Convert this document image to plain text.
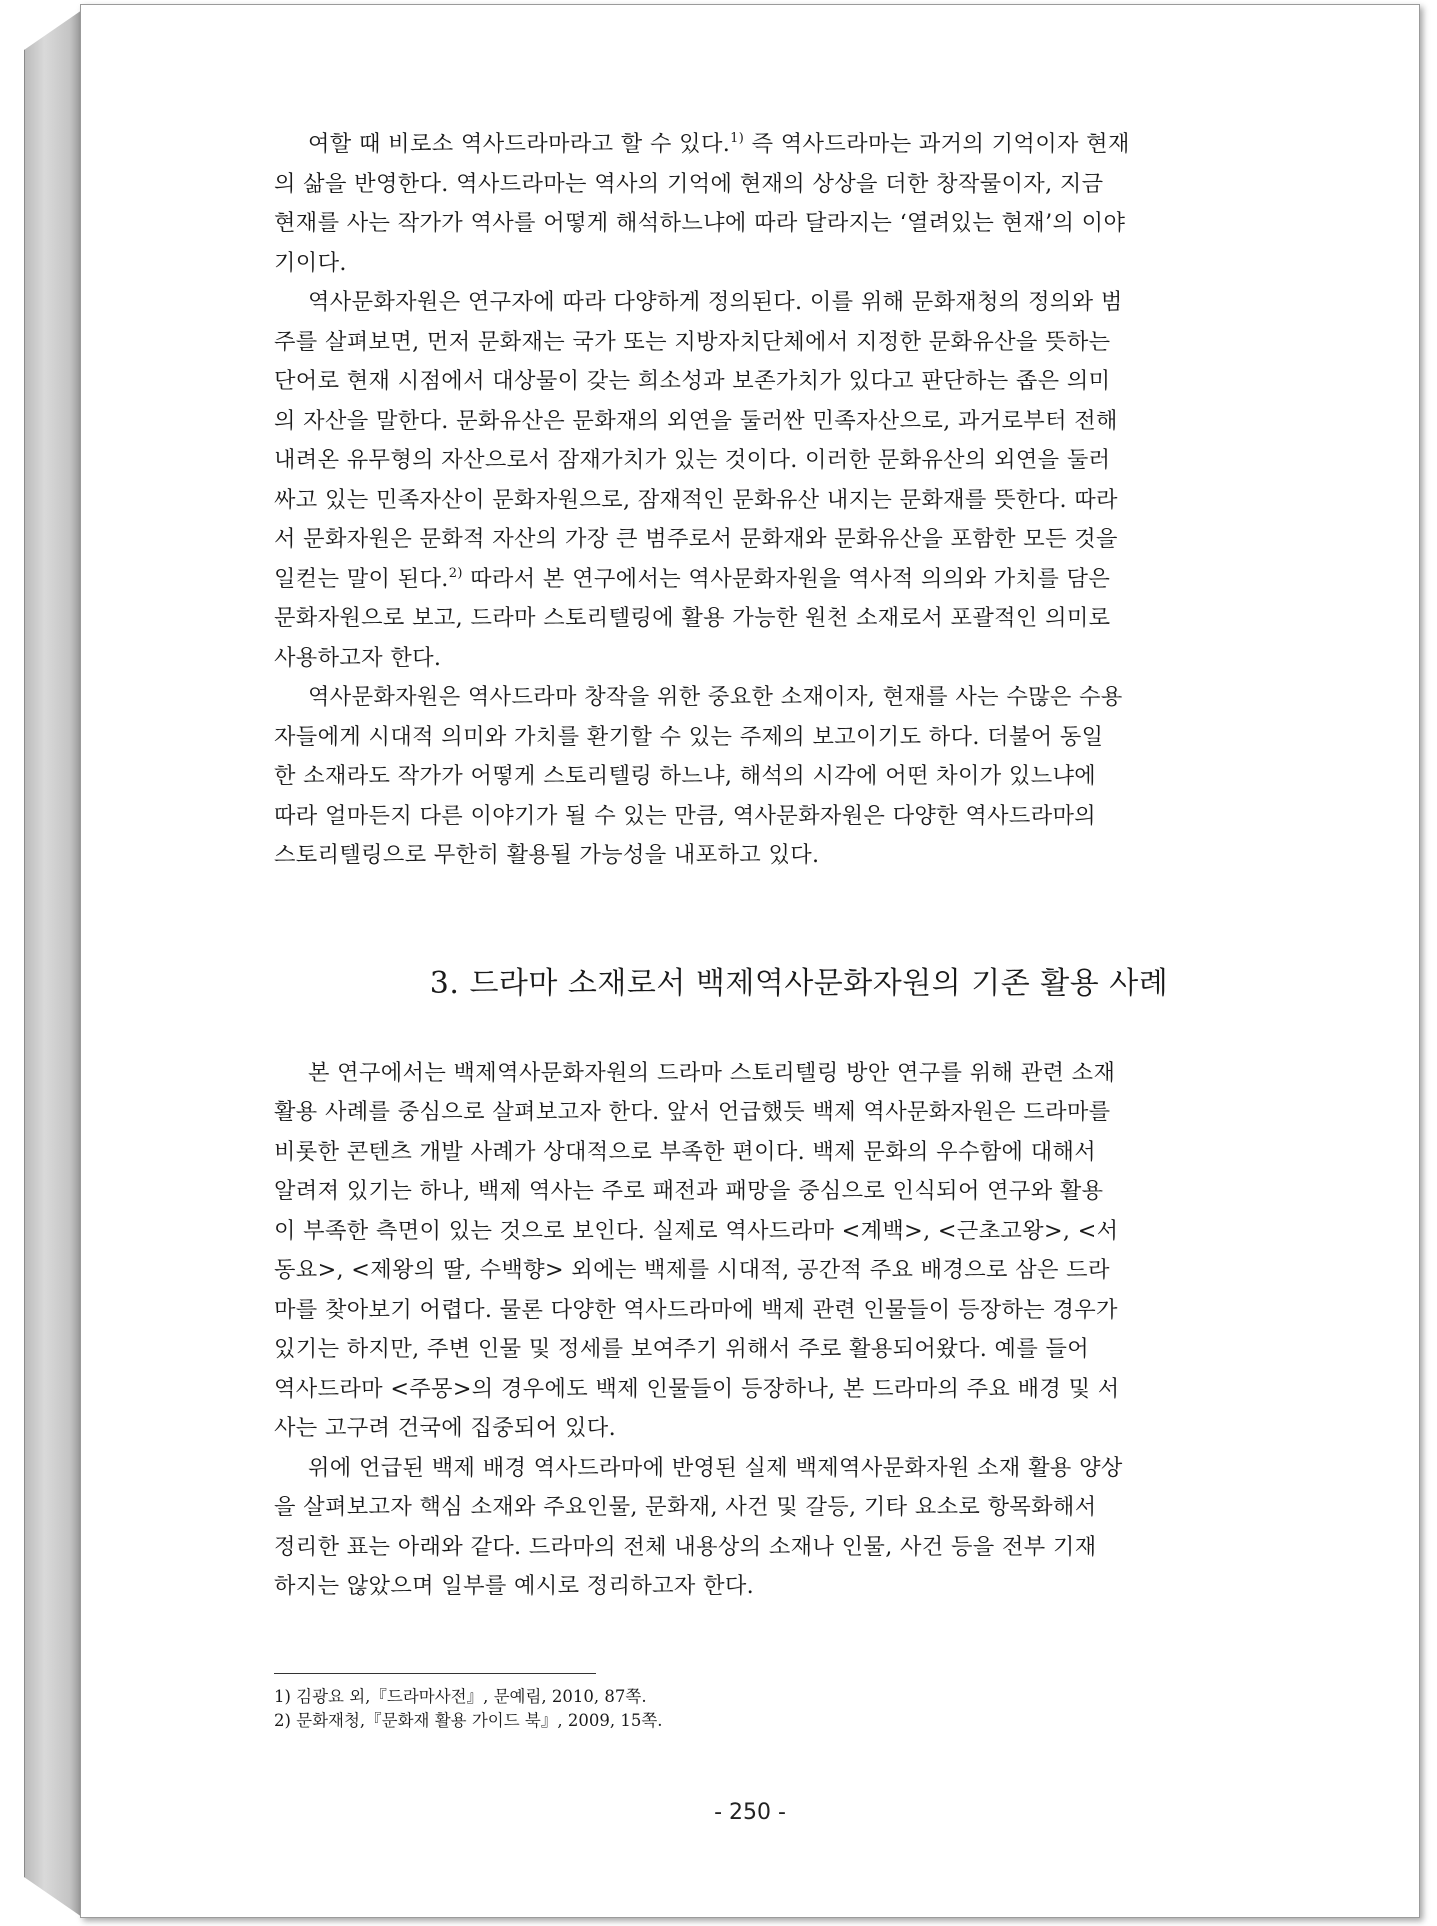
여할 때 비로소 역사드라마라고 할 수 있다.$^{1)}$ 즉 역사드라마는 과거의 기억이자 현재
의 삶을 반영한다. 역사드라마는 역사의 기억에 현재의 상상을 더한 창작물이자, 지금
현재를 사는 작가가 역사를 어떻게 해석하느냐에 따라 달라지는 ‘열려있는 현재’의 이야
기이다.

역사문화자원은 연구자에 따라 다양하게 정의된다. 이를 위해 문화재청의 정의와 범
주를 살펴보면, 먼저 문화재는 국가 또는 지방자치단체에서 지정한 문화유산을 뜻하는
단어로 현재 시점에서 대상물이 갖는 희소성과 보존가치가 있다고 판단하는 좁은 의미
의 자산을 말한다. 문화유산은 문화재의 외연을 둘러싼 민족자산으로, 과거로부터 전해
내려온 유무형의 자산으로서 잠재가치가 있는 것이다. 이러한 문화유산의 외연을 둘러
싸고 있는 민족자산이 문화자원으로, 잠재적인 문화유산 내지는 문화재를 뜻한다. 따라
서 문화자원은 문화적 자산의 가장 큰 범주로서 문화재와 문화유산을 포함한 모든 것을
일컫는 말이 된다.$^{2)}$ 따라서 본 연구에서는 역사문화자원을 역사적 의의와 가치를 담은
문화자원으로 보고, 드라마 스토리텔링에 활용 가능한 원천 소재로서 포괄적인 의미로
사용하고자 한다.

역사문화자원은 역사드라마 창작을 위한 중요한 소재이자, 현재를 사는 수많은 수용
자들에게 시대적 의미와 가치를 환기할 수 있는 주제의 보고이기도 하다. 더불어 동일
한 소재라도 작가가 어떻게 스토리텔링 하느냐, 해석의 시각에 어떤 차이가 있느냐에
따라 얼마든지 다른 이야기가 될 수 있는 만큼, 역사문화자원은 다양한 역사드라마의
스토리텔링으로 무한히 활용될 가능성을 내포하고 있다.

3. 드라마 소재로서 백제역사문화자원의 기존 활용 사례

본 연구에서는 백제역사문화자원의 드라마 스토리텔링 방안 연구를 위해 관련 소재
활용 사례를 중심으로 살펴보고자 한다. 앞서 언급했듯 백제 역사문화자원은 드라마를
비롯한 콘텐츠 개발 사례가 상대적으로 부족한 편이다. 백제 문화의 우수함에 대해서
알려져 있기는 하나, 백제 역사는 주로 패전과 패망을 중심으로 인식되어 연구와 활용
이 부족한 측면이 있는 것으로 보인다. 실제로 역사드라마 <계백>, <근초고왕>, <서
동요>, <제왕의 딸, 수백향> 외에는 백제를 시대적, 공간적 주요 배경으로 삼은 드라
마를 찾아보기 어렵다. 물론 다양한 역사드라마에 백제 관련 인물들이 등장하는 경우가
있기는 하지만, 주변 인물 및 정세를 보여주기 위해서 주로 활용되어왔다. 예를 들어
역사드라마 <주몽>의 경우에도 백제 인물들이 등장하나, 본 드라마의 주요 배경 및 서
사는 고구려 건국에 집중되어 있다.

위에 언급된 백제 배경 역사드라마에 반영된 실제 백제역사문화자원 소재 활용 양상
을 살펴보고자 핵심 소재와 주요인물, 문화재, 사건 및 갈등, 기타 요소로 항목화해서
정리한 표는 아래와 같다. 드라마의 전체 내용상의 소재나 인물, 사건 등을 전부 기재
하지는 않았으며 일부를 예시로 정리하고자 한다.

1) 김광요 외,『드라마사전』, 문예림, 2010, 87쪽.
2) 문화재청,『문화재 활용 가이드 북』, 2009, 15쪽.
- 250 -
